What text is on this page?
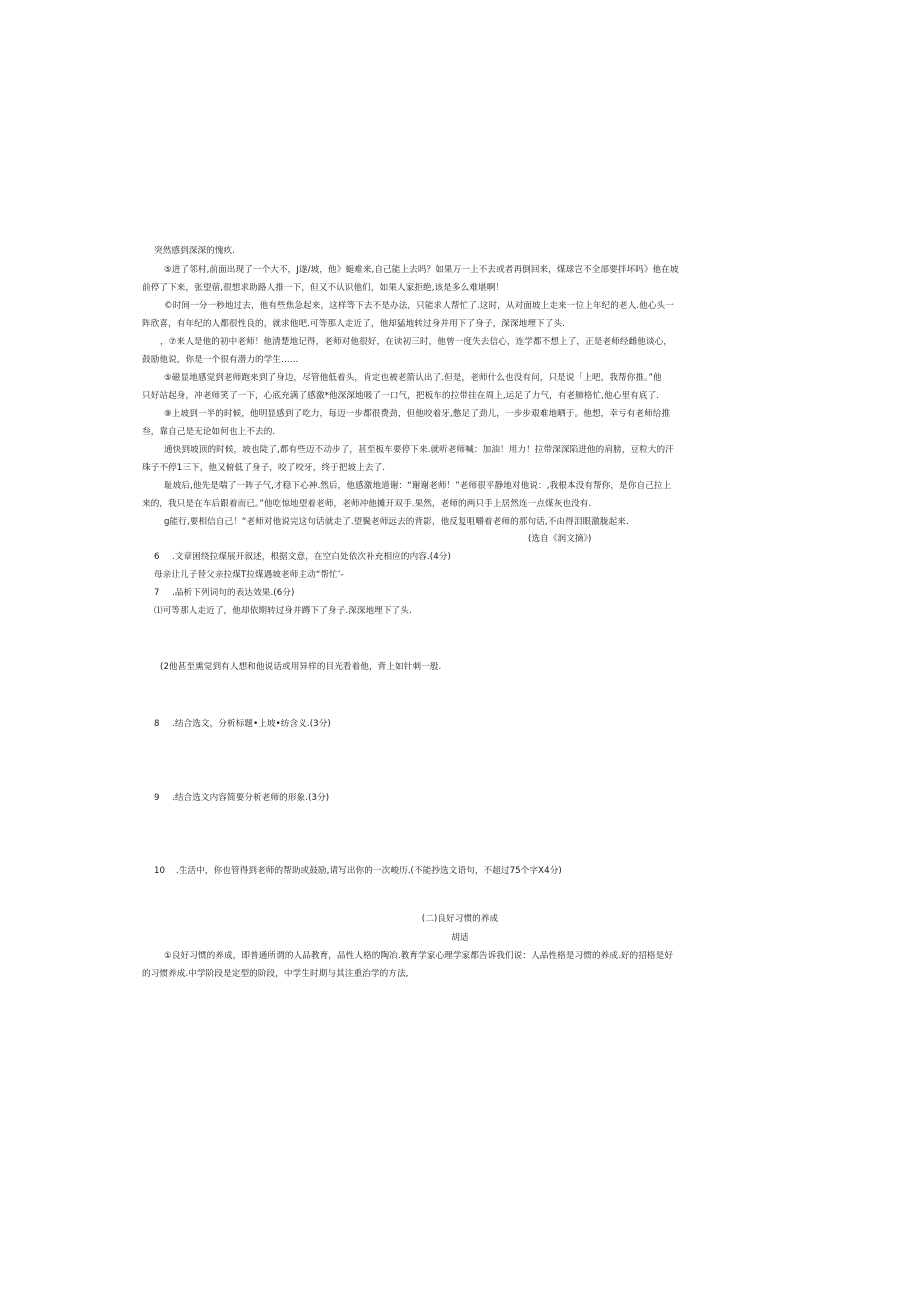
突然感到深深的愧疚.
⑤进了邻村,前面出现了一个大不，J遂/坡，他》蜓难来,自己能上去吗？如果万一上不去或者再倒回来，煤球岂不全部要拌坏吗》他在坡
前停了下来，张望蓿,很想求助路人推一下，但又不认识他们，如果人家拒绝,该是多么难堪啊！
©时间一分一秒地过去，他有些焦急起来，这样等下去不是办法，只能求人帮忙了.这时，从对面坡上走来一位上年纪的老人.他心头一
阵欣喜，有年纪的人都很性良的，就求他吧.可等那人走近了，他却猛地转过身并用下了身子，深深地埋下了头.
，⑦来人是他的初中老师！他清楚地记得，老师对他很好，在读初三时，他曾一度失去信心，连学都不想上了，正是老师经雌他谈心，
鼓励他说，你是一个很有潜力的学生……
⑤磁显地感觉到老师跑来到了身边，尽管他低着头，肯定也被老箭认出了.但是，老师什么也没有问，只是说「上吧，我帮你推。”他
只好站起身，冲老师笑了一下，心底充满了感激*他深深地吸了一口气，把板车的拉带挂在周上,运足了力气，有老肺格忙,他心里有底了.
⑨上坡到一半的时候，他明显感到了吃力，每迈一步都很费劲，但他咬着牙,憋足了劲儿，一步步艰难地晒于。他想，幸亏有老师给推
叁，靠自己是无论如何也上不去的.
通快到坡顶的时候，坡也陡了,都有些迈不动步了，甚至板车要停下来.就听老师喊：加油！用力！拉带深深陷进他的肩膀，豆粒大的汗
珠子不停1三下，他又俯低了身子，咬了咬牙，终于把坡上去了.
耻坡后,他先是喘了一阵子气,才稳下心神.然后，他感激地道谢：“谢谢老师！”老师很平静地对他说：,我根本没有帮你，是你自己拉上
来的，我只是在车后跟着而已。”他吃惊地望着老师，老师冲他摊开双手.果然，老师的两只手上居然连一点煤灰也没有.
g能行,要相信自己！“老师对他说完这句话就走了.望鬓老师远去的背影，他反复咀嚼着老师的那句话,不由得泪眼激胧起来.
(选自《润文摘》)
6 .文章困绕拉煤展开叙述，根据文意，在空白处依次补充相应的内容.(4分)
母亲让儿子替父亲拉煤T拉煤遇坡老师主动“帮忙’-
7 .品析下列词句的表达效果.(6分)
⑴可等那人走近了，他却依期转过身并蹲下了身子.深深地埋下了头.
(2他甚至熏觉到有人想和他说话或用异样的目光看着他，背上如针刺一般.
8 .结合选文，分析标题•上坡•纺含义.(3分)
9 .结合选文内容简要分析老师的形象.(3分)
10 .生活中，你也管得到老师的帮助或鼓励,请写出你的一次峻历.(不能抄选文语句，不超过75个字X4分)
(二)良好习惯的养成
胡适
①良好习惯的养成，即普通所谓的人品教育，品性人格的陶冶.教育学家心理学家都告诉我们说：人品性格是习惯的养成.好的招格是好
的习惯养成.中学阶段是定型的阶段，中学生时期与其注重治学的方法,
